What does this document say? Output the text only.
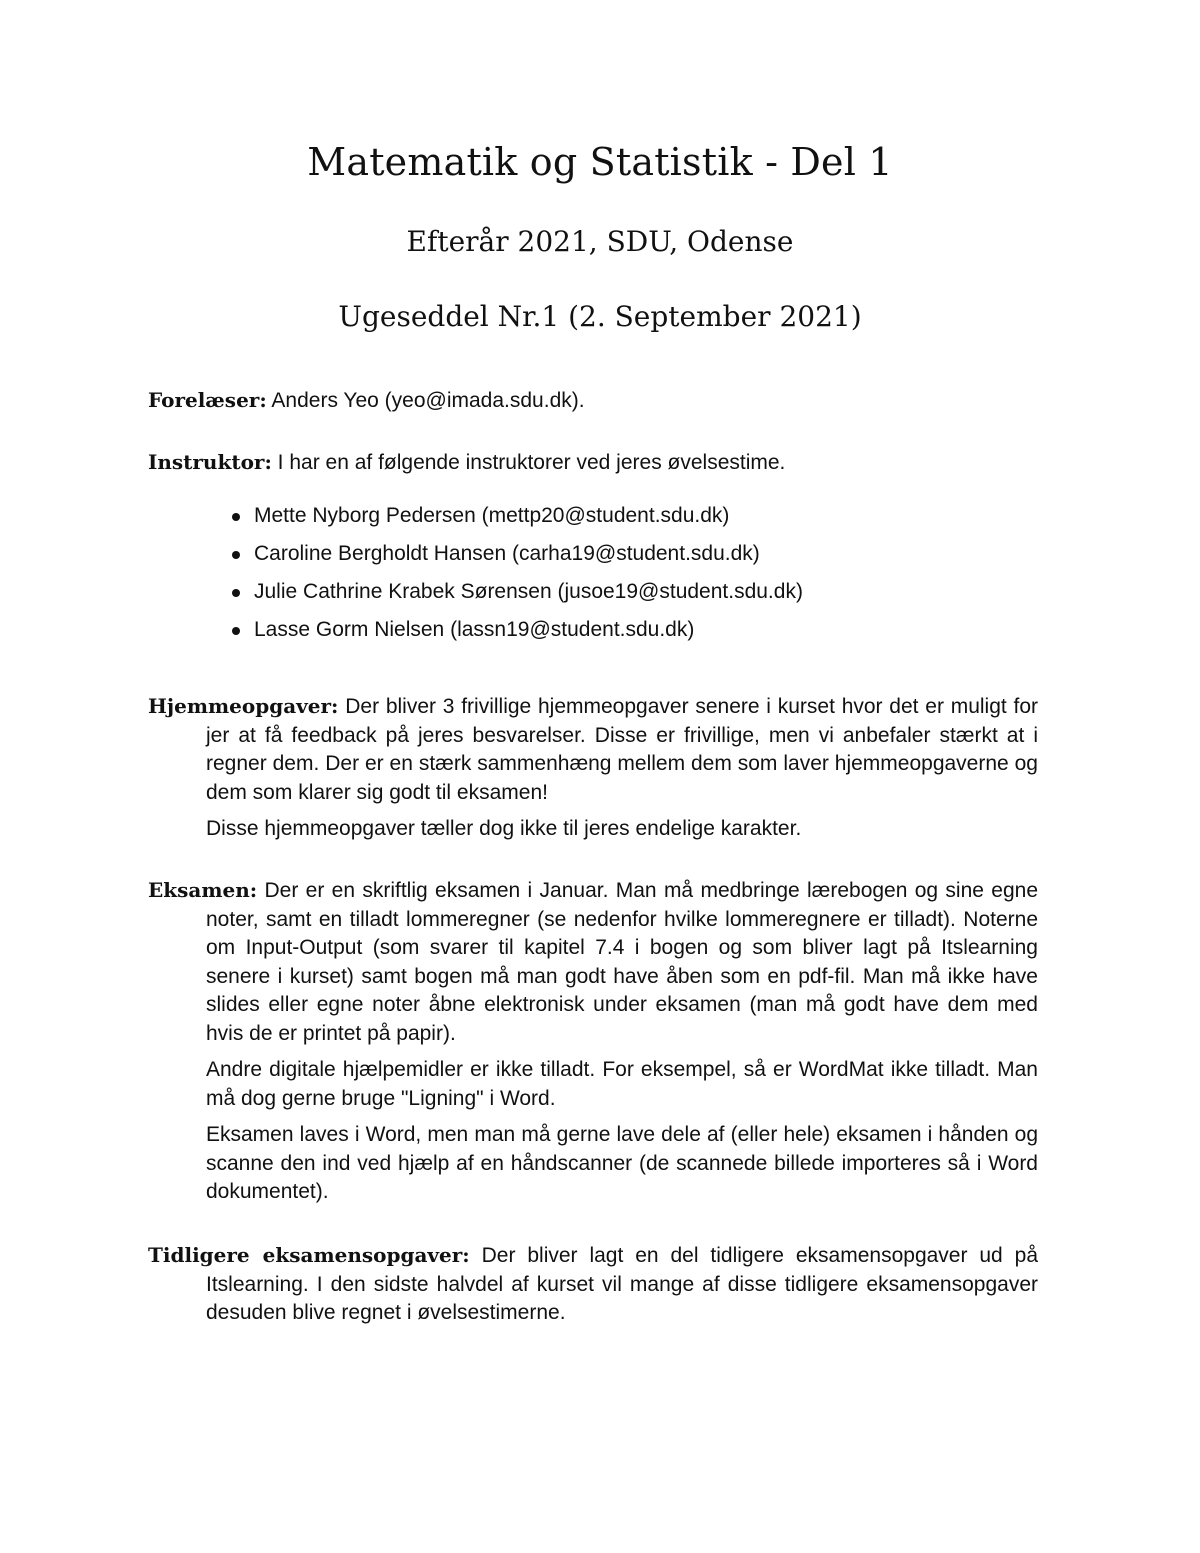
Matematik og Statistik - Del 1
Efterår 2021, SDU, Odense
Ugeseddel Nr.1 (2. September 2021)
Forelæser: Anders Yeo (yeo@imada.sdu.dk).
Instruktor: I har en af følgende instruktorer ved jeres øvelsestime.
Mette Nyborg Pedersen (mettp20@student.sdu.dk)
Caroline Bergholdt Hansen (carha19@student.sdu.dk)
Julie Cathrine Krabek Sørensen (jusoe19@student.sdu.dk)
Lasse Gorm Nielsen (lassn19@student.sdu.dk)

Hjemmeopgaver: Der bliver 3 frivillige hjemmeopgaver senere i kurset hvor det er muligt for jer at få feedback på jeres besvarelser. Disse er frivillige, men vi anbefaler stærkt at i regner dem. Der er en stærk sammenhæng mellem dem som laver hjemmeopgaverne og dem som klarer sig godt til eksamen!

Disse hjemmeopgaver tæller dog ikke til jeres endelige karakter.

Eksamen: Der er en skriftlig eksamen i Januar. Man må medbringe lærebogen og sine egne noter, samt en tilladt lommeregner (se nedenfor hvilke lommeregnere er tilladt). Noterne om Input-Output (som svarer til kapitel 7.4 i bogen og som bliver lagt på Itslearning senere i kurset) samt bogen må man godt have åben som en pdf-fil. Man må ikke have slides eller egne noter åbne elektronisk under eksamen (man må godt have dem med hvis de er printet på papir).

Andre digitale hjælpemidler er ikke tilladt. For eksempel, så er WordMat ikke tilladt. Man må dog gerne bruge "Ligning" i Word.

Eksamen laves i Word, men man må gerne lave dele af (eller hele) eksamen i hånden og scanne den ind ved hjælp af en håndscanner (de scannede billede importeres så i Word dokumentet).

Tidligere eksamensopgaver: Der bliver lagt en del tidligere eksamensopgaver ud på Itslearning. I den sidste halvdel af kurset vil mange af disse tidligere eksamensopgaver desuden blive regnet i øvelsestimerne.
